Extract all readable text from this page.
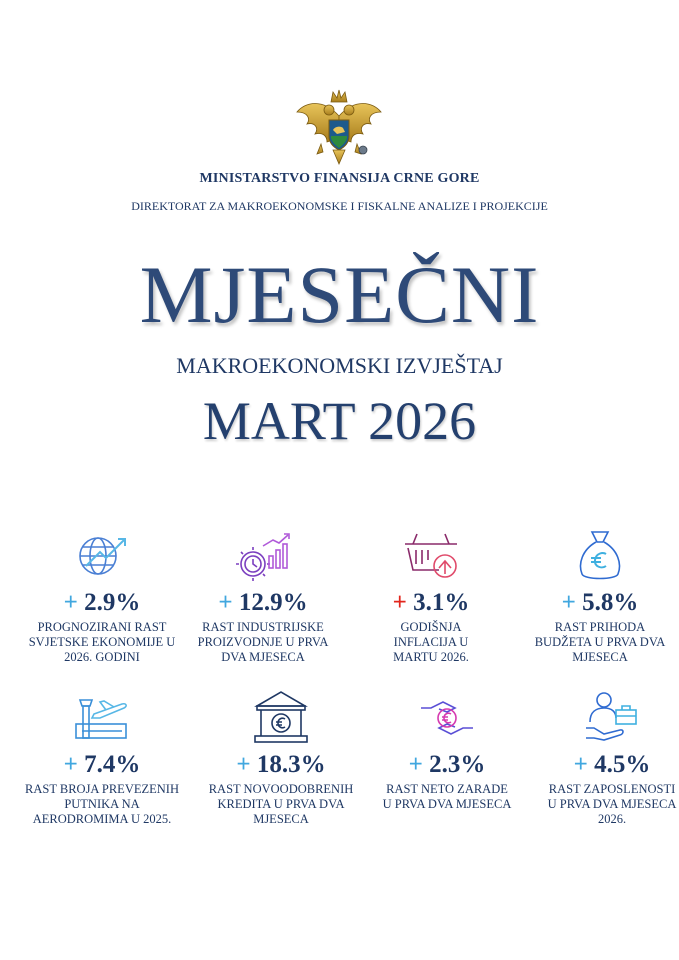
MINISTARSTVO FINANSIJA CRNE GORE
DIREKTORAT ZA MAKROEKONOMSKE I FISKALNE ANALIZE I PROJEKCIJE
MJESEČNI
MAKROEKONOMSKI IZVJEŠTAJ
MART 2026
+ 2.9%
PROGNOZIRANI RAST SVJETSKE EKONOMIJE U 2026. GODINI
+ 12.9%
RAST INDUSTRIJSKE PROIZVODNJE U PRVA DVA MJESECA
+ 3.1%
GODIŠNJA INFLACIJA U MARTU 2026.
+ 5.8%
RAST PRIHODA BUDŽETA U PRVA DVA MJESECA
+ 7.4%
RAST BROJA PREVEZENIH PUTNIKA NA AERODROMIMA U 2025.
+ 18.3%
RAST NOVOODOBRENIH KREDITA U PRVA DVA MJESECA
+ 2.3%
RAST NETO ZARADE U PRVA DVA MJESECA
+ 4.5%
RAST ZAPOSLENOSTI U PRVA DVA MJESECA 2026.
